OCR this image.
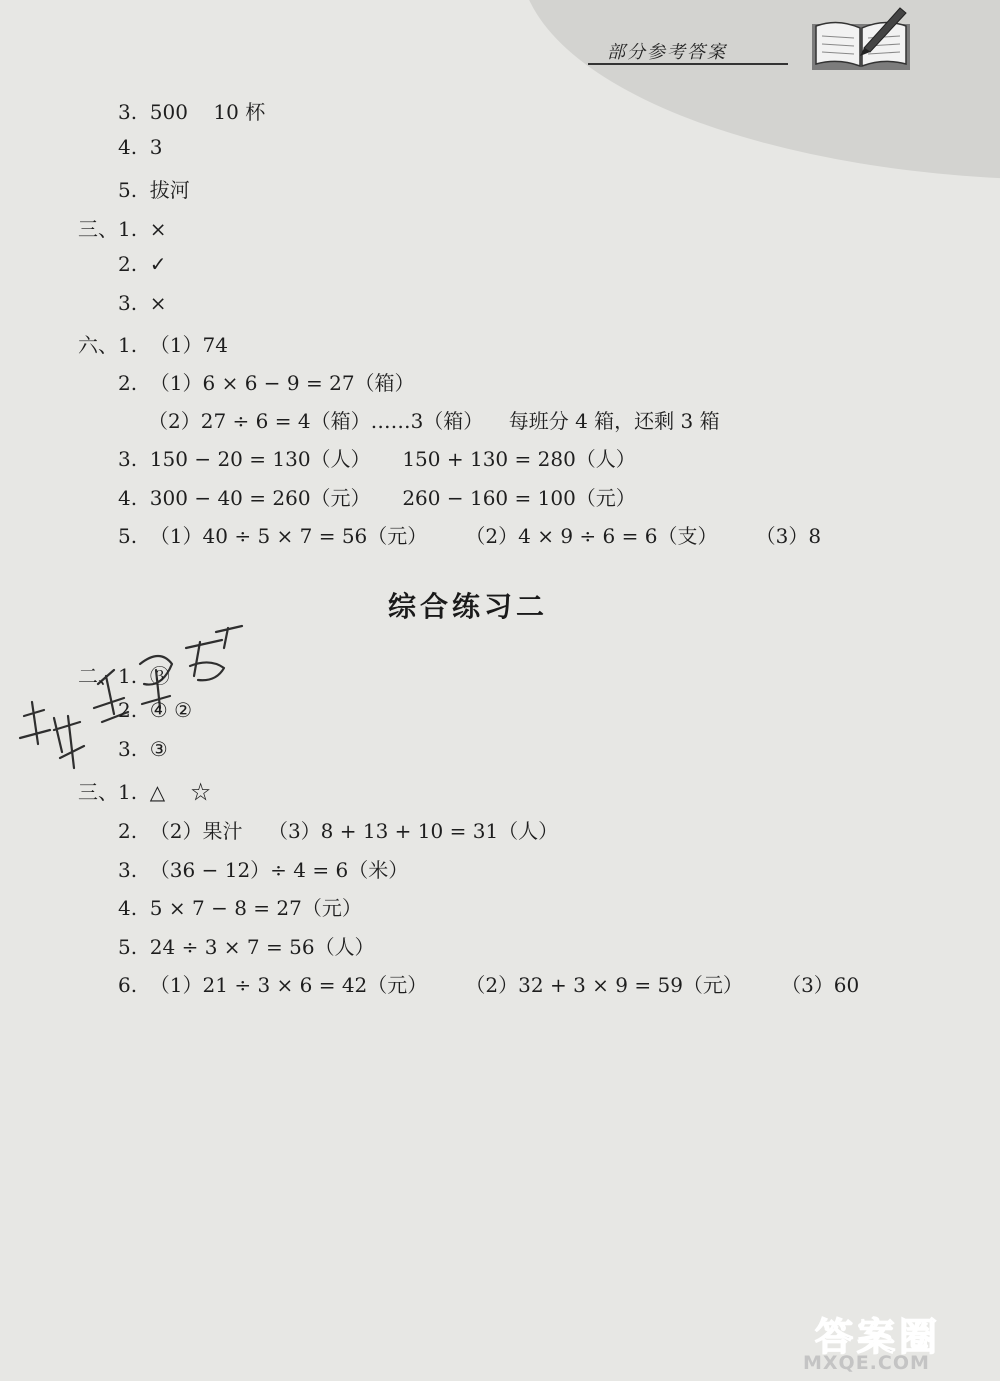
部分参考答案
3.  500    10 杯
4.  3
5.  拔河
三、1.  ×
2.  ✓
3.  ×
六、1.  （1）74
2.  （1）6 × 6 − 9 = 27（箱）
（2）27 ÷ 6 = 4（箱）……3（箱）    每班分 4 箱，还剩 3 箱
3.  150 − 20 = 130（人）     150 + 130 = 280（人）
4.  300 − 40 = 260（元）     260 − 160 = 100（元）
5.  （1）40 ÷ 5 × 7 = 56（元）      （2）4 × 9 ÷ 6 = 6（支）      （3）8
综合练习二
二、1.  ③
2.  ④ ②
3.  ③
三、1.  △    ☆
2.  （2）果汁    （3）8 + 13 + 10 = 31（人）
3.  （36 − 12）÷ 4 = 6（米）
4.  5 × 7 − 8 = 27（元）
5.  24 ÷ 3 × 7 = 56（人）
6.  （1）21 ÷ 3 × 6 = 42（元）      （2）32 + 3 × 9 = 59（元）      （3）60
答案圈
MXQE.COM
